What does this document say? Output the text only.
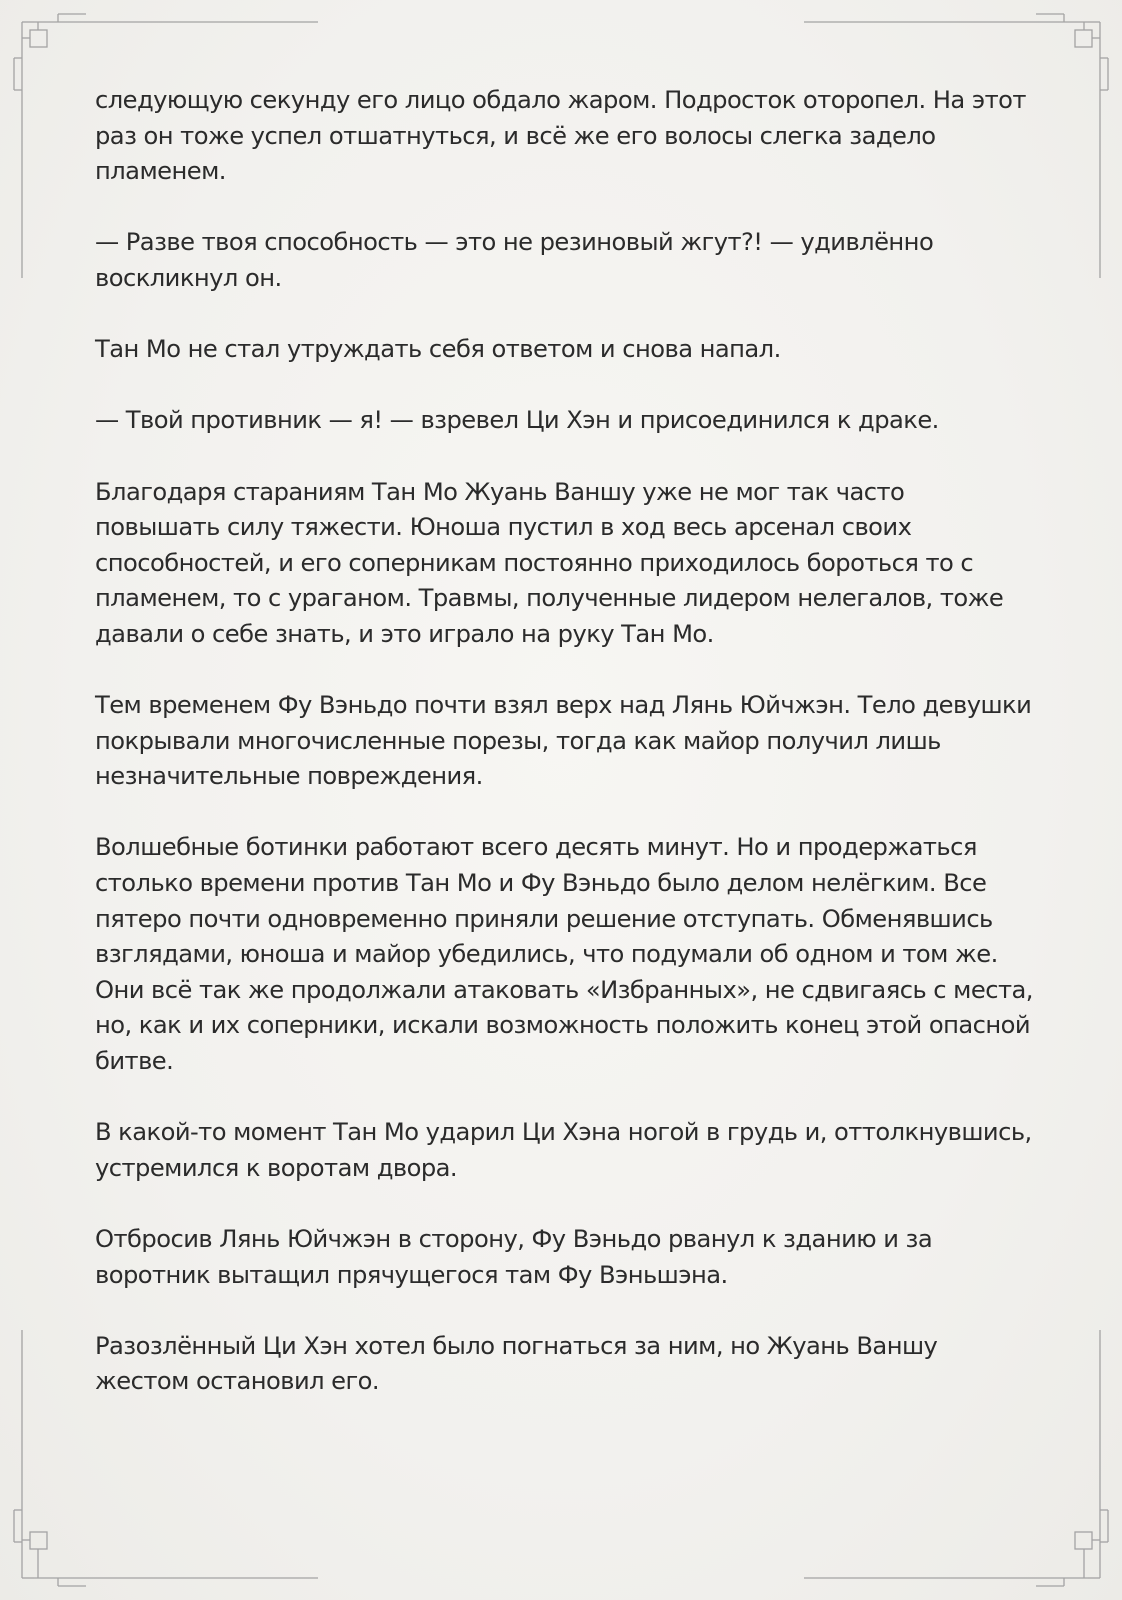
следующую секунду его лицо обдало жаром. Подросток оторопел. На этот раз он тоже успел отшатнуться, и всё же его волосы слегка задело пламенем.

— Разве твоя способность — это не резиновый жгут?! — удивлённо воскликнул он.

Тан Мо не стал утруждать себя ответом и снова напал.

— Твой противник — я! — взревел Ци Хэн и присоединился к драке.

Благодаря стараниям Тан Мо Жуань Ваншу уже не мог так часто повышать силу тяжести. Юноша пустил в ход весь арсенал своих способностей, и его соперникам постоянно приходилось бороться то с пламенем, то с ураганом. Травмы, полученные лидером нелегалов, тоже давали о себе знать, и это играло на руку Тан Мо.

Тем временем Фу Вэньдо почти взял верх над Лянь Юйчжэн. Тело девушки покрывали многочисленные порезы, тогда как майор получил лишь незначительные повреждения.

Волшебные ботинки работают всего десять минут. Но и продержаться столько времени против Тан Мо и Фу Вэньдо было делом нелёгким. Все пятеро почти одновременно приняли решение отступать. Обменявшись взглядами, юноша и майор убедились, что подумали об одном и том же. Они всё так же продолжали атаковать «Избранных», не сдвигаясь с места, но, как и их соперники, искали возможность положить конец этой опасной битве.

В какой-то момент Тан Мо ударил Ци Хэна ногой в грудь и, оттолкнувшись, устремился к воротам двора.

Отбросив Лянь Юйчжэн в сторону, Фу Вэньдо рванул к зданию и за воротник вытащил прячущегося там Фу Вэньшэна.

Разозлённый Ци Хэн хотел было погнаться за ним, но Жуань Ваншу жестом остановил его.
